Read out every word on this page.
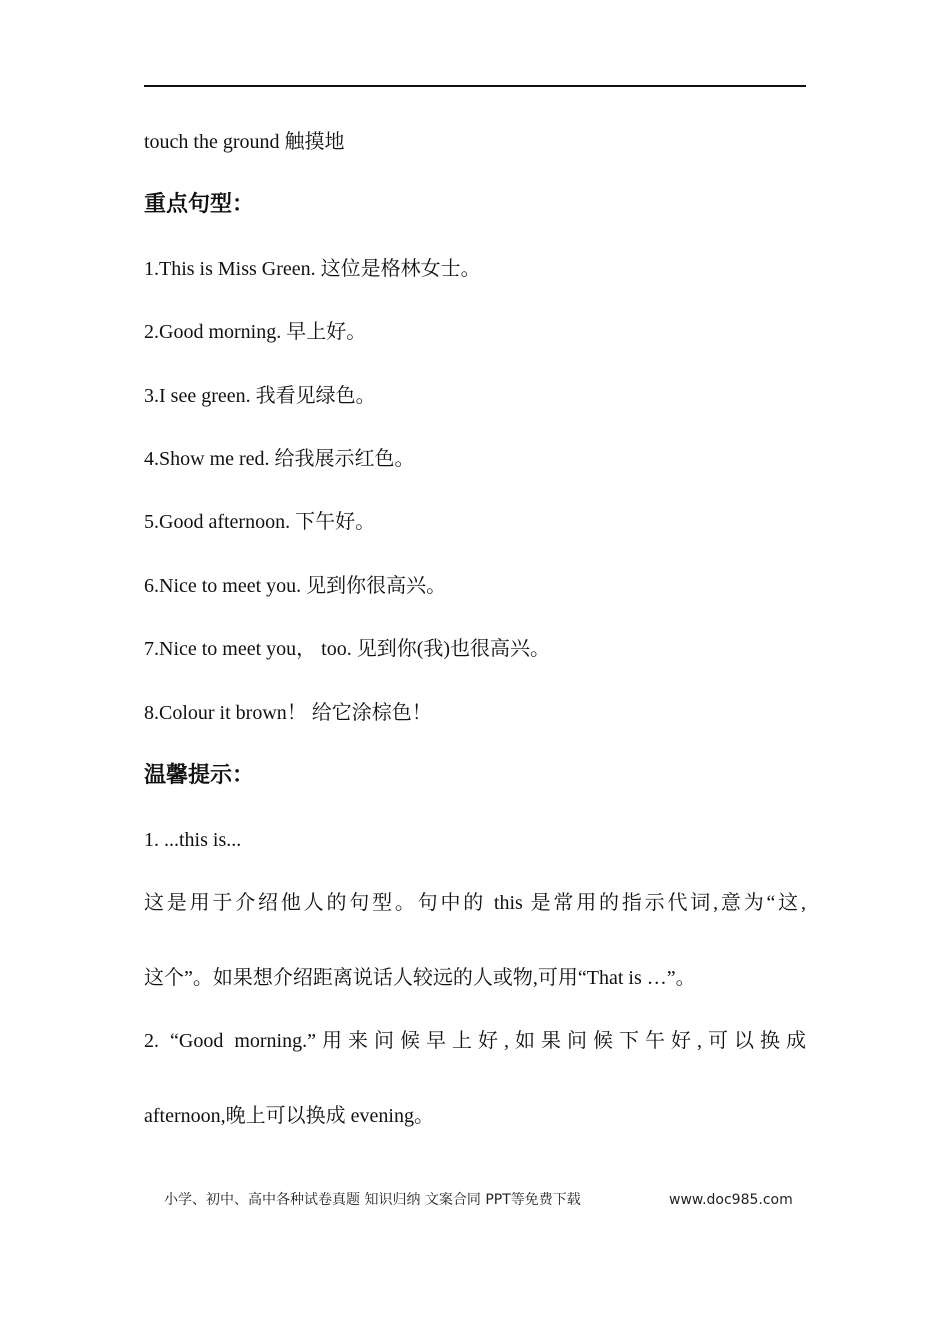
touch the ground 触摸地
重点句型：
1.This is Miss Green. 这位是格林女士。
2.Good morning. 早上好。
3.I see green. 我看见绿色。
4.Show me red. 给我展示红色。
5.Good afternoon. 下午好。
6.Nice to meet you. 见到你很高兴。
7.Nice to meet you， too. 见到你(我)也很高兴。
8.Colour it brown！ 给它涂棕色！
温馨提示：
1. ...this is...
这是用于介绍他人的句型。句中的 this 是常用的指示代词,意为“这,
这个”。如果想介绍距离说话人较远的人或物,可用“That is …”。
2. “Good morning.”用来问候早上好,如果问候下午好,可以换成
afternoon,晚上可以换成 evening。
小学、初中、高中各种试卷真题 知识归纳 文案合同 PPT等免费下载	www.doc985.com
